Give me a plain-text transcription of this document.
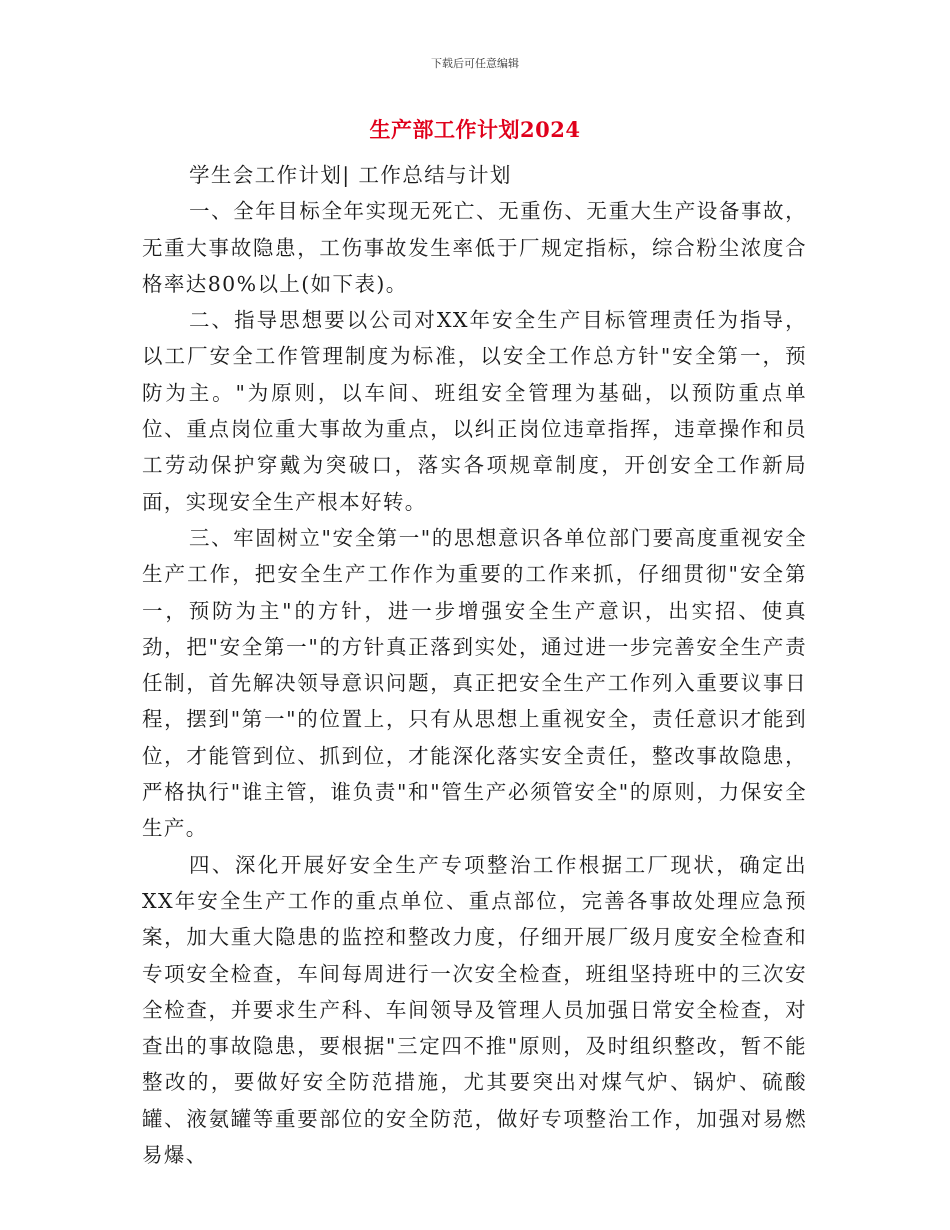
下载后可任意编辑
生产部工作计划2024

学生会工作计划| 工作总结与计划

一、全年目标全年实现无死亡、无重伤、无重大生产设备事故，无重大事故隐患，工伤事故发生率低于厂规定指标，综合粉尘浓度合格率达80%以上(如下表)。

二、指导思想要以公司对XX年安全生产目标管理责任为指导，以工厂安全工作管理制度为标准，以安全工作总方针"安全第一，预防为主。"为原则，以车间、班组安全管理为基础，以预防重点单位、重点岗位重大事故为重点，以纠正岗位违章指挥，违章操作和员工劳动保护穿戴为突破口，落实各项规章制度，开创安全工作新局面，实现安全生产根本好转。

三、牢固树立"安全第一"的思想意识各单位部门要高度重视安全生产工作，把安全生产工作作为重要的工作来抓，仔细贯彻"安全第一，预防为主"的方针，进一步增强安全生产意识，出实招、使真劲，把"安全第一"的方针真正落到实处，通过进一步完善安全生产责任制，首先解决领导意识问题，真正把安全生产工作列入重要议事日程，摆到"第一"的位置上，只有从思想上重视安全，责任意识才能到位，才能管到位、抓到位，才能深化落实安全责任，整改事故隐患，严格执行"谁主管，谁负责"和"管生产必须管安全"的原则，力保安全生产。

四、深化开展好安全生产专项整治工作根据工厂现状，确定出XX年安全生产工作的重点单位、重点部位，完善各事故处理应急预案，加大重大隐患的监控和整改力度，仔细开展厂级月度安全检查和专项安全检查，车间每周进行一次安全检查，班组坚持班中的三次安全检查，并要求生产科、车间领导及管理人员加强日常安全检查，对查出的事故隐患，要根据"三定四不推"原则，及时组织整改，暂不能整改的，要做好安全防范措施，尤其要突出对煤气炉、锅炉、硫酸罐、液氨罐等重要部位的安全防范，做好专项整治工作，加强对易燃易爆、
